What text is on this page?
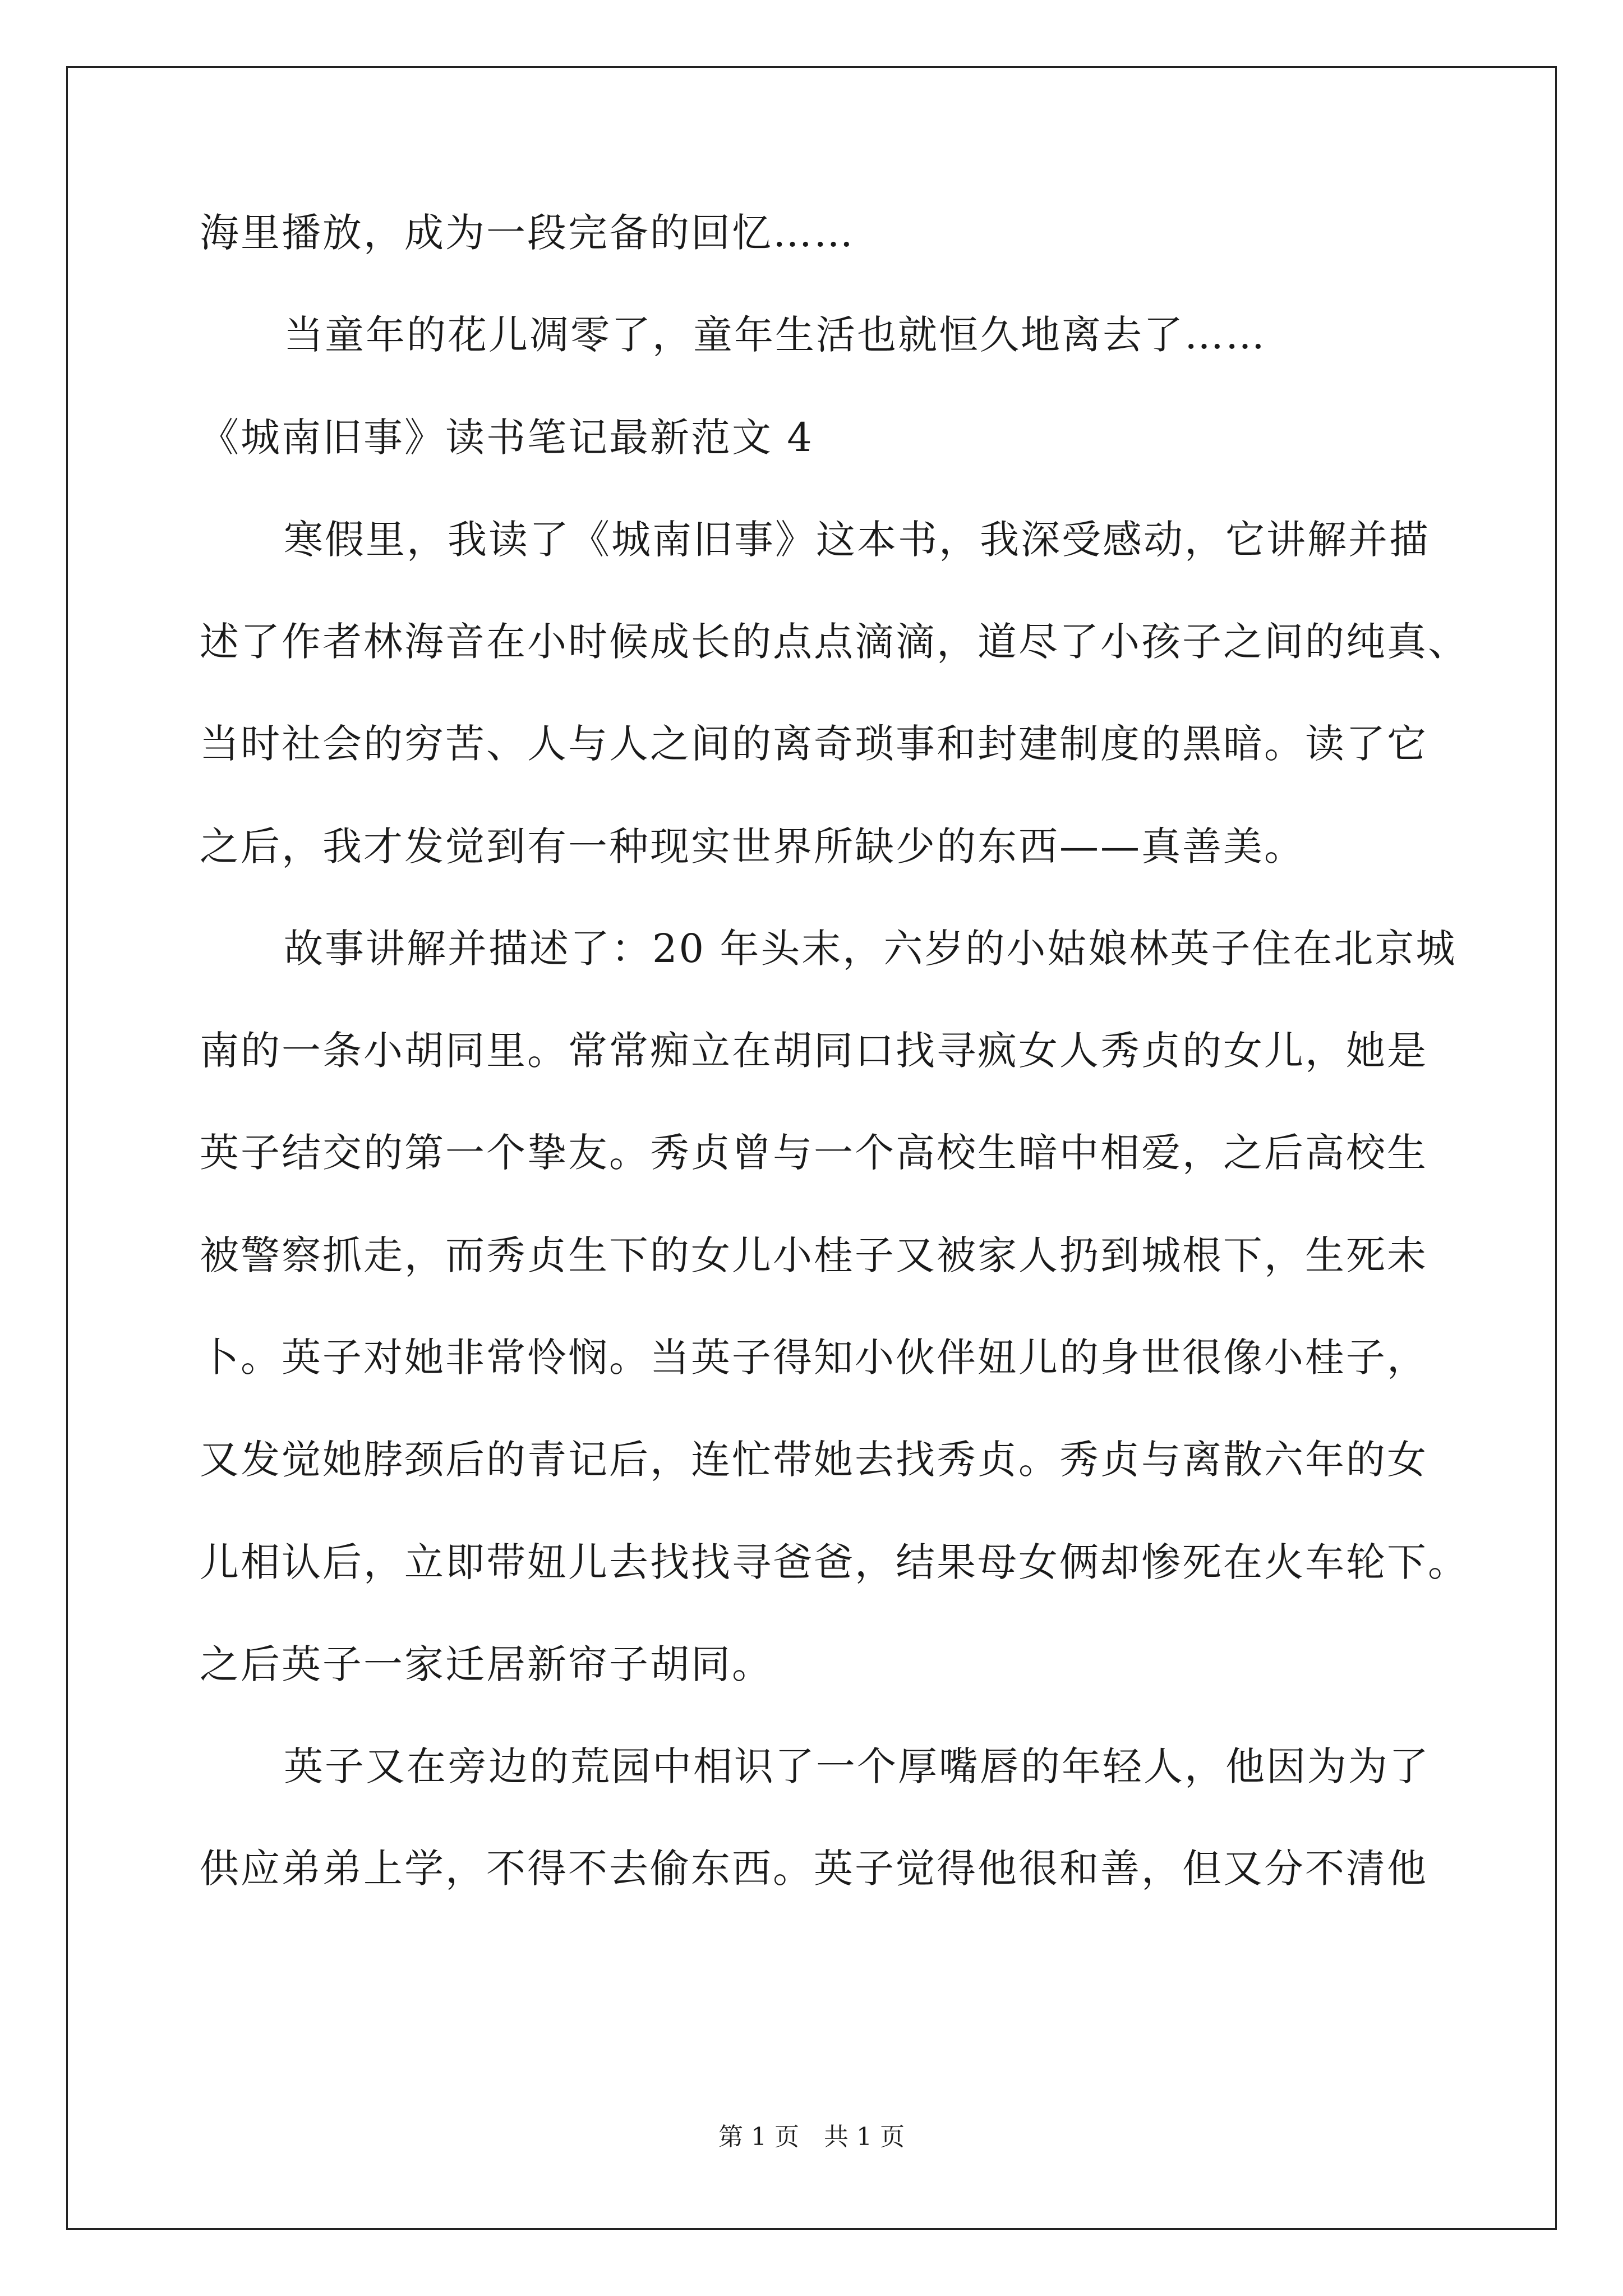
海里播放，成为一段完备的回忆……
当童年的花儿凋零了，童年生活也就恒久地离去了……
《城南旧事》读书笔记最新范文 4
寒假里，我读了《城南旧事》这本书，我深受感动，它讲解并描
述了作者林海音在小时候成长的点点滴滴，道尽了小孩子之间的纯真、
当时社会的穷苦、人与人之间的离奇琐事和封建制度的黑暗。读了它
之后，我才发觉到有一种现实世界所缺少的东西——真善美。
故事讲解并描述了：20 年头末，六岁的小姑娘林英子住在北京城
南的一条小胡同里。常常痴立在胡同口找寻疯女人秀贞的女儿，她是
英子结交的第一个挚友。秀贞曾与一个高校生暗中相爱，之后高校生
被警察抓走，而秀贞生下的女儿小桂子又被家人扔到城根下，生死未
卜。英子对她非常怜悯。当英子得知小伙伴妞儿的身世很像小桂子，
又发觉她脖颈后的青记后，连忙带她去找秀贞。秀贞与离散六年的女
儿相认后，立即带妞儿去找找寻爸爸，结果母女俩却惨死在火车轮下。
之后英子一家迁居新帘子胡同。
英子又在旁边的荒园中相识了一个厚嘴唇的年轻人，他因为为了
供应弟弟上学，不得不去偷东西。英子觉得他很和善，但又分不清他
第 1 页　共 1 页
